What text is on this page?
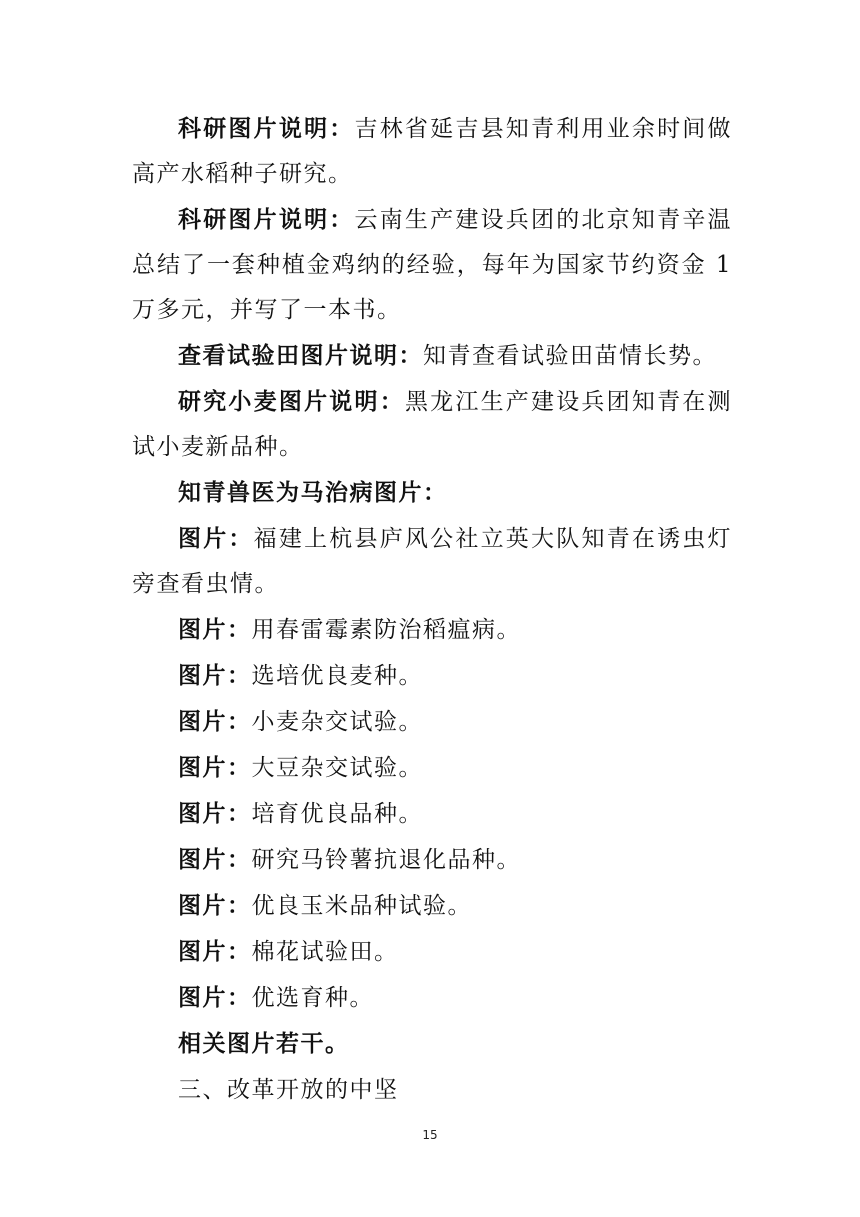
科研图片说明：吉林省延吉县知青利用业余时间做高产水稻种子研究。

科研图片说明：云南生产建设兵团的北京知青辛温总结了一套种植金鸡纳的经验，每年为国家节约资金 1 万多元，并写了一本书。

查看试验田图片说明：知青查看试验田苗情长势。

研究小麦图片说明：黑龙江生产建设兵团知青在测试小麦新品种。

知青兽医为马治病图片：

图片：福建上杭县庐风公社立英大队知青在诱虫灯旁查看虫情。

图片：用春雷霉素防治稻瘟病。

图片：选培优良麦种。

图片：小麦杂交试验。

图片：大豆杂交试验。

图片：培育优良品种。

图片：研究马铃薯抗退化品种。

图片：优良玉米品种试验。

图片：棉花试验田。

图片：优选育种。

相关图片若干。

三、改革开放的中坚

15
